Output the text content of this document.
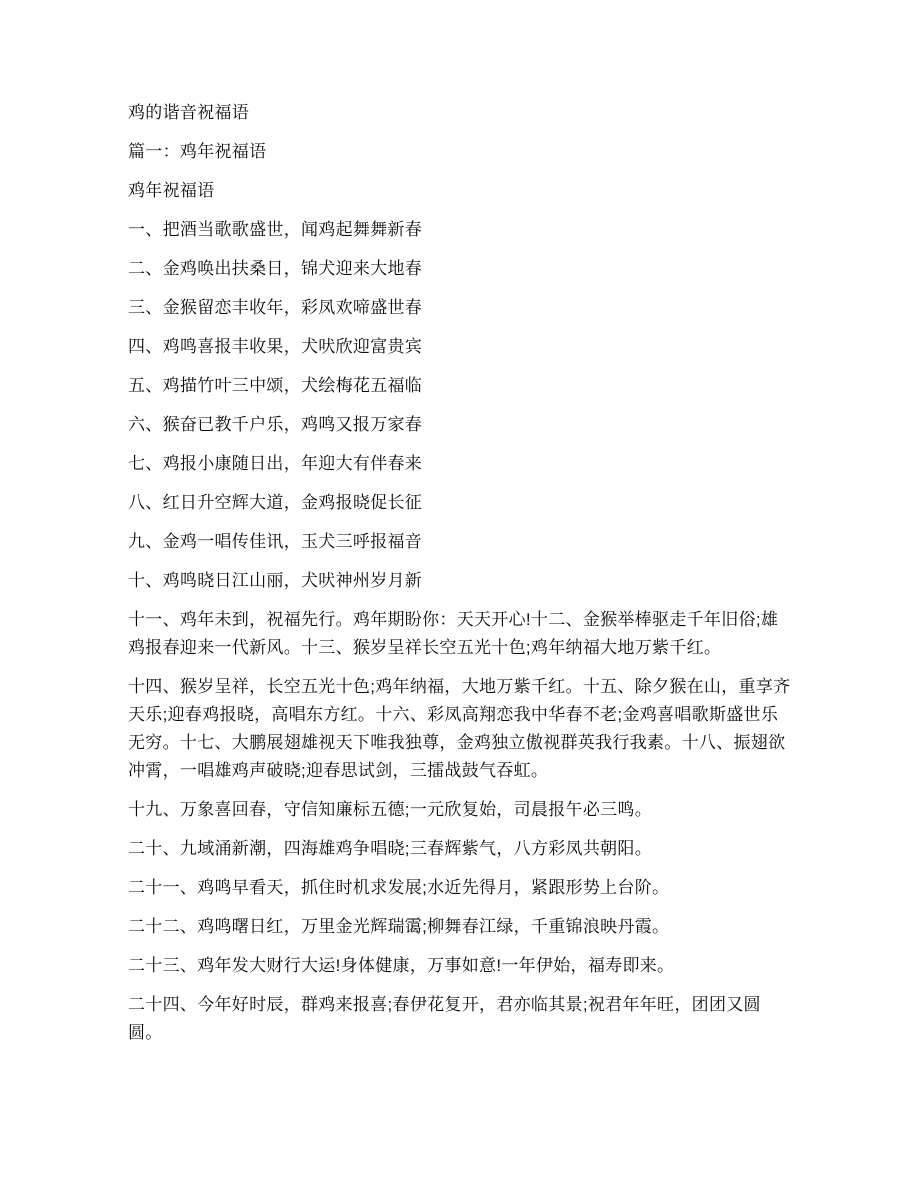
鸡的谐音祝福语

篇一：鸡年祝福语

鸡年祝福语

一、把酒当歌歌盛世，闻鸡起舞舞新春

二、金鸡唤出扶桑日，锦犬迎来大地春

三、金猴留恋丰收年，彩凤欢啼盛世春

四、鸡鸣喜报丰收果，犬吠欣迎富贵宾

五、鸡描竹叶三中颂，犬绘梅花五福临

六、猴奋已教千户乐，鸡鸣又报万家春

七、鸡报小康随日出，年迎大有伴春来

八、红日升空辉大道，金鸡报晓促长征

九、金鸡一唱传佳讯，玉犬三呼报福音

十、鸡鸣晓日江山丽，犬吠神州岁月新

十一、鸡年未到，祝福先行。鸡年期盼你：天天开心!十二、金猴举棒驱走千年旧俗;雄鸡报春迎来一代新风。十三、猴岁呈祥长空五光十色;鸡年纳福大地万紫千红。

十四、猴岁呈祥，长空五光十色;鸡年纳福，大地万紫千红。十五、除夕猴在山，重享齐天乐;迎春鸡报晓，高唱东方红。十六、彩凤高翔恋我中华春不老;金鸡喜唱歌斯盛世乐无穷。十七、大鹏展翅雄视天下唯我独尊，金鸡独立傲视群英我行我素。十八、振翅欲冲霄，一唱雄鸡声破晓;迎春思试剑，三擂战鼓气吞虹。

十九、万象喜回春，守信知廉标五德;一元欣复始，司晨报午必三鸣。

二十、九域涌新潮，四海雄鸡争唱晓;三春辉紫气，八方彩凤共朝阳。

二十一、鸡鸣早看天，抓住时机求发展;水近先得月，紧跟形势上台阶。

二十二、鸡鸣曙日红，万里金光辉瑞霭;柳舞春江绿，千重锦浪映丹霞。

二十三、鸡年发大财行大运!身体健康，万事如意!一年伊始，福寿即来。

二十四、今年好时辰，群鸡来报喜;春伊花复开，君亦临其景;祝君年年旺，团团又圆圆。
